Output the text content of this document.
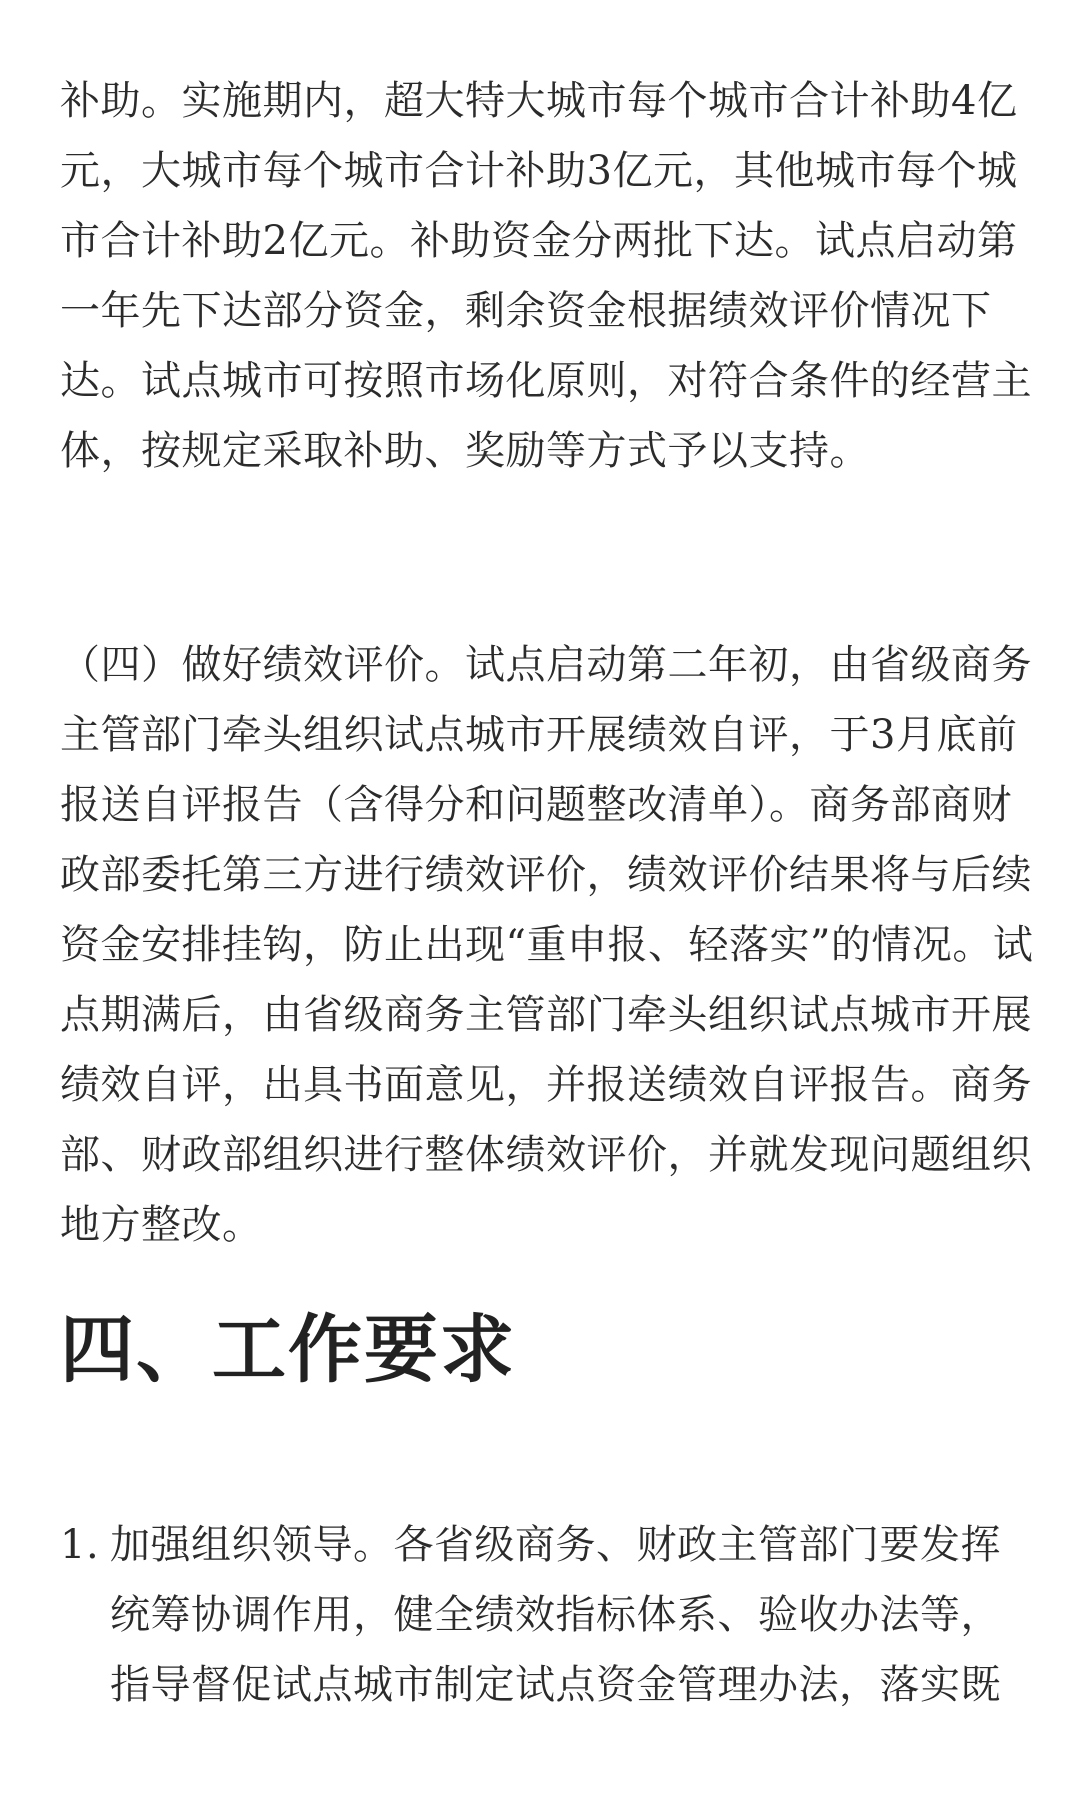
补助。实施期内，超大特大城市每个城市合计补助4亿元，大城市每个城市合计补助3亿元，其他城市每个城市合计补助2亿元。补助资金分两批下达。试点启动第一年先下达部分资金，剩余资金根据绩效评价情况下达。试点城市可按照市场化原则，对符合条件的经营主体，按规定采取补助、奖励等方式予以支持。

（四）做好绩效评价。试点启动第二年初，由省级商务主管部门牵头组织试点城市开展绩效自评，于3月底前报送自评报告（含得分和问题整改清单）。商务部商财政部委托第三方进行绩效评价，绩效评价结果将与后续资金安排挂钩，防止出现“重申报、轻落实”的情况。试点期满后，由省级商务主管部门牵头组织试点城市开展绩效自评，出具书面意见，并报送绩效自评报告。商务部、财政部组织进行整体绩效评价，并就发现问题组织地方整改。

四、工作要求
1. 加强组织领导。各省级商务、财政主管部门要发挥统筹协调作用，健全绩效指标体系、验收办法等，指导督促试点城市制定试点资金管理办法，落实既
